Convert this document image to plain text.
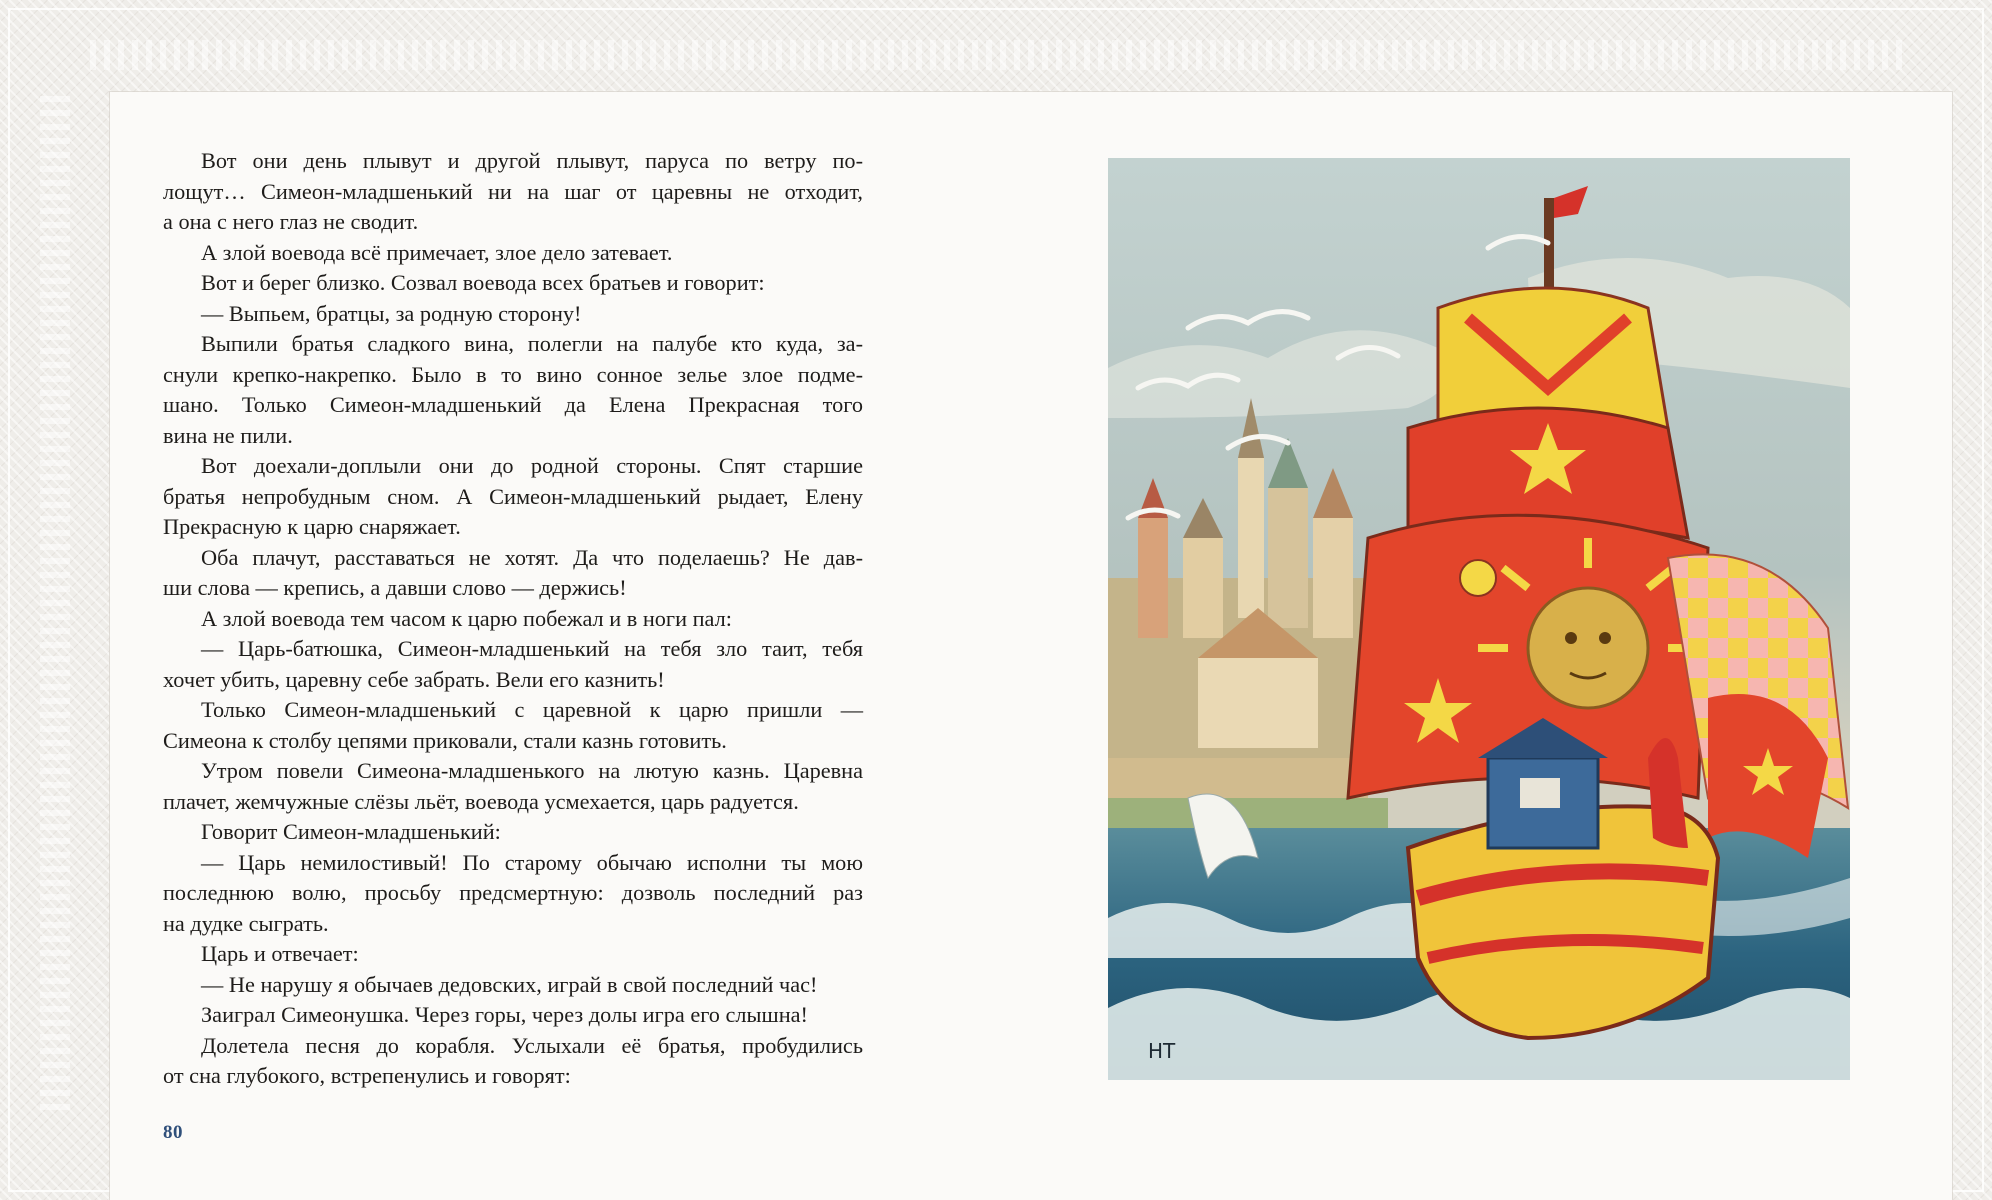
Вот они день плывут и другой плывут, паруса по ветру по-
лощут… Симеон-младшенький ни на шаг от царевны не отходит,
а она с него глаз не сводит.
А злой воевода всё примечает, злое дело затевает.
Вот и берег близко. Созвал воевода всех братьев и говорит:
— Выпьем, братцы, за родную сторону!
Выпили братья сладкого вина, полегли на палубе кто куда, за-
снули крепко-накрепко. Было в то вино сонное зелье злое подме-
шано. Только Симеон-младшенький да Елена Прекрасная того
вина не пили.
Вот доехали-доплыли они до родной стороны. Спят старшие
братья непробудным сном. А Симеон-младшенький рыдает, Елену
Прекрасную к царю снаряжает.
Оба плачут, расставаться не хотят. Да что поделаешь? Не дав-
ши слова — крепись, а давши слово — держись!
А злой воевода тем часом к царю побежал и в ноги пал:
— Царь-батюшка, Симеон-младшенький на тебя зло таит, тебя
хочет убить, царевну себе забрать. Вели его казнить!
Только Симеон-младшенький с царевной к царю пришли —
Симеона к столбу цепями приковали, стали казнь готовить.
Утром повели Симеона-младшенького на лютую казнь. Царевна
плачет, жемчужные слёзы льёт, воевода усмехается, царь радуется.
Говорит Симеон-младшенький:
— Царь немилостивый! По старому обычаю исполни ты мою
последнюю волю, просьбу предсмертную: дозволь последний раз
на дудке сыграть.
Царь и отвечает:
— Не нарушу я обычаев дедовских, играй в свой последний час!
Заиграл Симеонушка. Через горы, через долы игра его слышна!
Долетела песня до корабля. Услыхали её братья, пробудились
от сна глубокого, встрепенулись и говорят:
80
НТ
